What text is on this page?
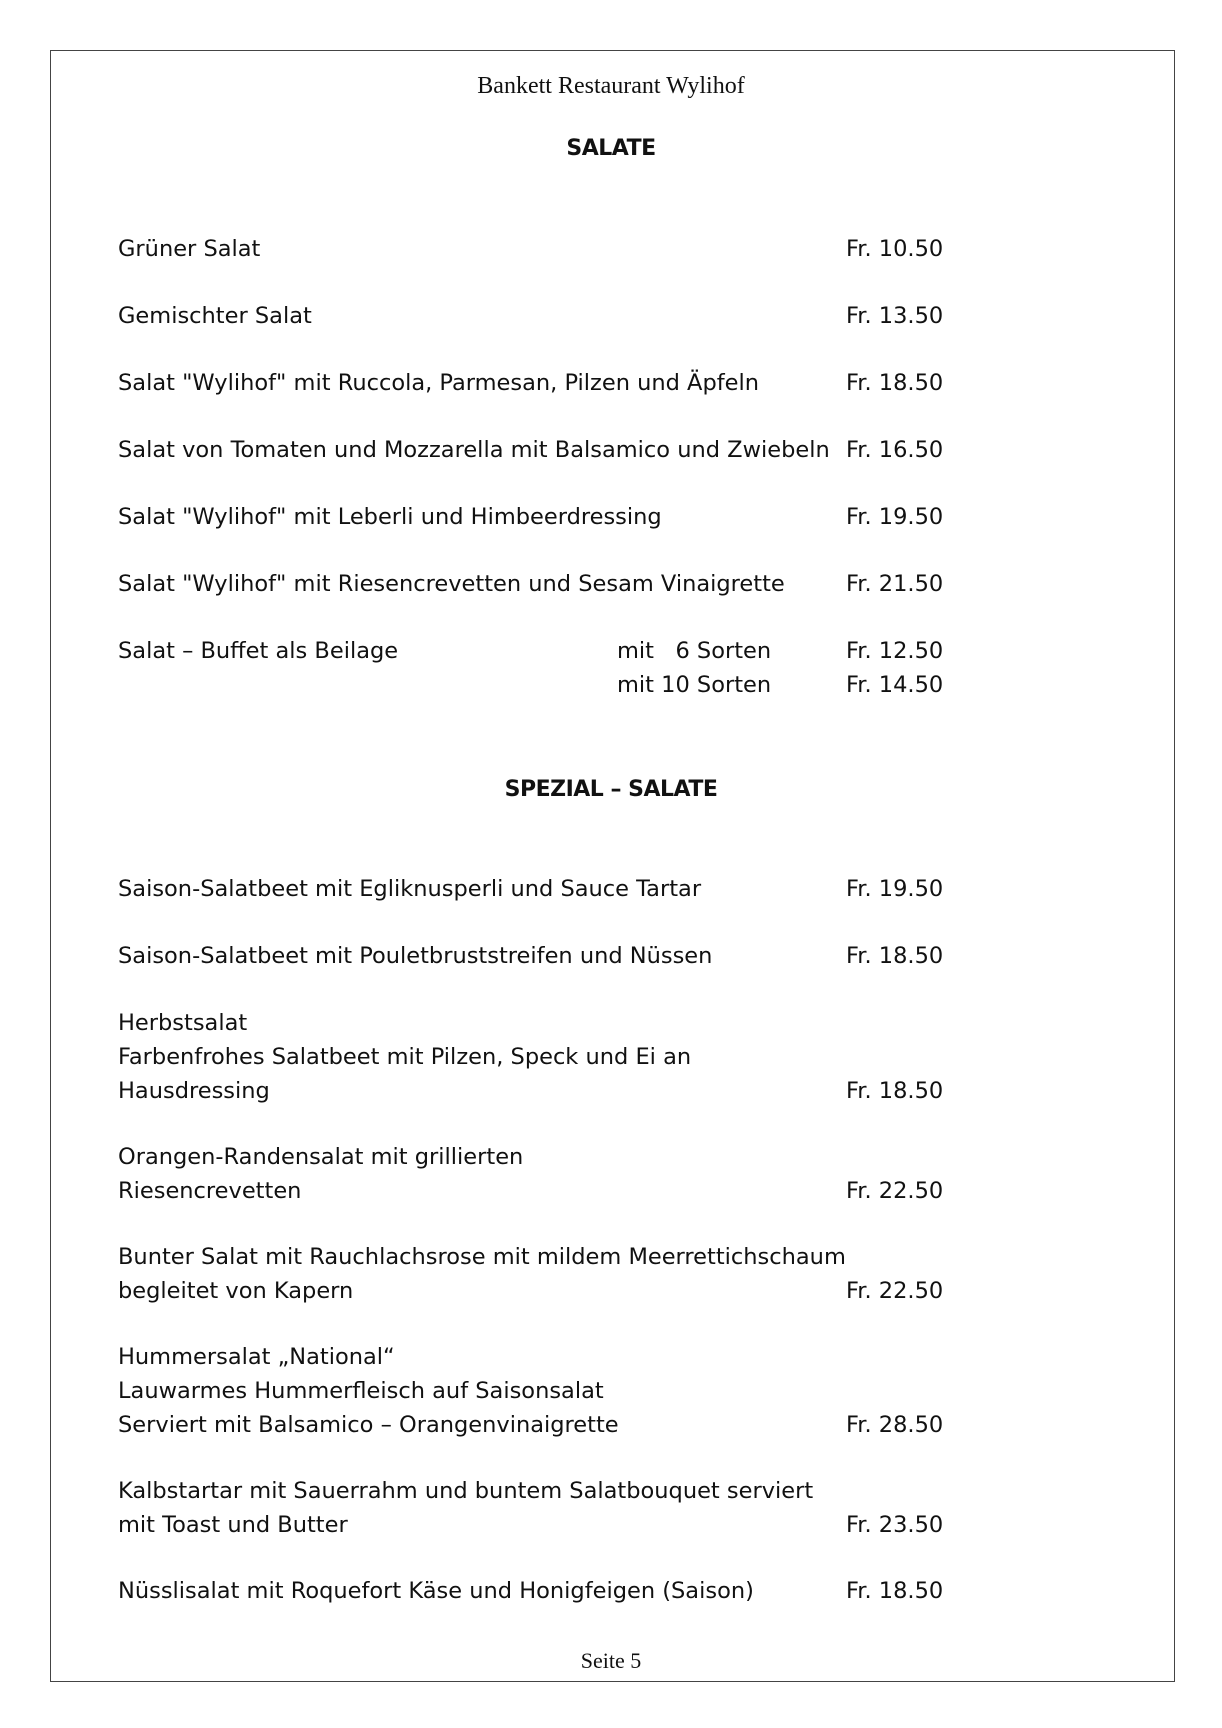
Bankett Restaurant Wylihof
SALATE
Grüner Salat	Fr. 10.50
Gemischter Salat	Fr. 13.50
Salat "Wylihof" mit Ruccola, Parmesan, Pilzen und Äpfeln	Fr. 18.50
Salat von Tomaten und Mozzarella mit Balsamico und Zwiebeln Fr. 16.50
Salat "Wylihof" mit Leberli und Himbeerdressing	Fr. 19.50
Salat "Wylihof" mit Riesencrevetten und Sesam Vinaigrette	Fr. 21.50
Salat – Buffet als Beilage	mit   6 Sorten	Fr. 12.50
mit 10 Sorten	Fr. 14.50
SPEZIAL – SALATE
Saison-Salatbeet mit Egliknusperli und Sauce Tartar	Fr. 19.50
Saison-Salatbeet mit Pouletbruststreifen und Nüssen	Fr. 18.50
Herbstsalat
Farbenfrohes Salatbeet mit Pilzen, Speck und Ei an
Hausdressing	Fr. 18.50
Orangen-Randensalat mit grillierten
Riesencrevetten	Fr. 22.50
Bunter Salat mit Rauchlachsrose mit mildem Meerrettichschaum
begleitet von Kapern	Fr. 22.50
Hummersalat „National“
Lauwarmes Hummerfleisch auf Saisonsalat
Serviert mit Balsamico – Orangenvinaigrette	Fr. 28.50
Kalbstartar mit Sauerrahm und buntem Salatbouquet serviert
mit Toast und Butter	Fr. 23.50
Nüsslisalat mit Roquefort Käse und Honigfeigen (Saison)	Fr. 18.50
Seite 5
